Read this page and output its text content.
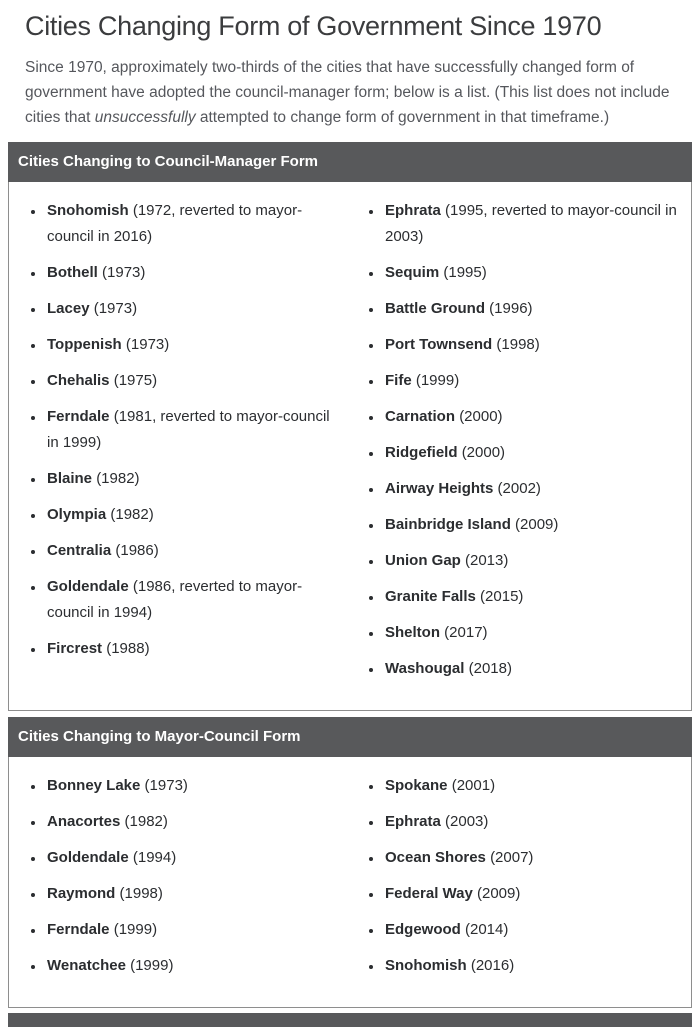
Cities Changing Form of Government Since 1970

Since 1970, approximately two-thirds of the cities that have successfully changed form of government have adopted the council-manager form; below is a list. (This list does not include cities that unsuccessfully attempted to change form of government in that timeframe.)

Cities Changing to Council-Manager Form
• Snohomish (1972, reverted to mayor-council in 2016)
• Bothell (1973)
• Lacey (1973)
• Toppenish (1973)
• Chehalis (1975)
• Ferndale (1981, reverted to mayor-council in 1999)
• Blaine (1982)
• Olympia (1982)
• Centralia (1986)
• Goldendale (1986, reverted to mayor-council in 1994)
• Fircrest (1988)
• Ephrata (1995, reverted to mayor-council in 2003)
• Sequim (1995)
• Battle Ground (1996)
• Port Townsend (1998)
• Fife (1999)
• Carnation (2000)
• Ridgefield (2000)
• Airway Heights (2002)
• Bainbridge Island (2009)
• Union Gap (2013)
• Granite Falls (2015)
• Shelton (2017)
• Washougal (2018)
Cities Changing to Mayor-Council Form
• Bonney Lake (1973)
• Anacortes (1982)
• Goldendale (1994)
• Raymond (1998)
• Ferndale (1999)
• Wenatchee (1999)
• Spokane (2001)
• Ephrata (2003)
• Ocean Shores (2007)
• Federal Way (2009)
• Edgewood (2014)
• Snohomish (2016)
